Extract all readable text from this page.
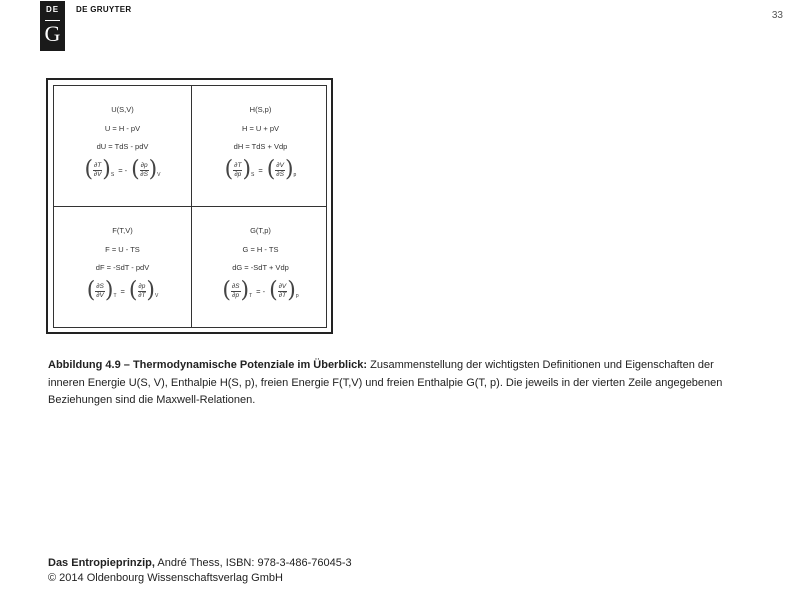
DE
G
DE GRUYTER
33
U(S,V)
U = H - pV
dU = TdS - pdV
( $\frac{\partial T}{\partial V}$ ) S
= - ( $\frac{\partial p}{\partial S}$ ) V
H(S,p)
H = U + pV
dH = TdS + Vdp
( $\frac{\partial T}{\partial p}$ ) S
= ( $\frac{\partial V}{\partial S}$ ) p
F(T,V)
F = U - TS
dF = -SdT - pdV
( $\frac{\partial S}{\partial V}$ ) T
= ( $\frac{\partial p}{\partial T}$ ) V
G(T,p)
G = H - TS
dG = -SdT + Vdp
( $\frac{\partial S}{\partial p}$ ) T
= - ( $\frac{\partial V}{\partial T}$ ) p
Abbildung 4.9 – Thermodynamische Potenziale im Überblick: Zusammenstellung der wichtigsten Definitionen und Eigenschaften der inneren Energie U(S, V), Enthalpie H(S, p), freien Energie F(T,V) und freien Enthalpie G(T, p). Die jeweils in der vierten Zeile angegebenen Beziehungen sind die Maxwell-Relationen.
Das Entropieprinzip, André Thess, ISBN: 978-3-486-76045-3
© 2014 Oldenbourg Wissenschaftsverlag GmbH
